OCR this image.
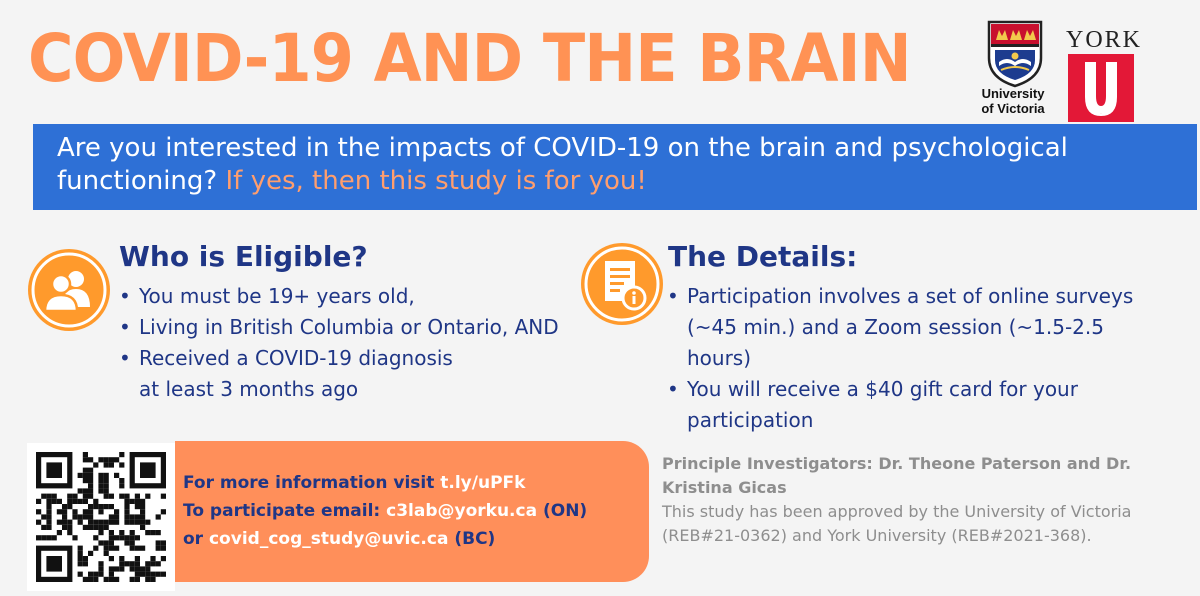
COVID-19 AND THE BRAIN	University
of Victoria
YORK
U

Are you interested in the impacts of COVID-19 on the brain and psychological functioning? If yes, then this study is for you!

Who is Eligible?
• You must be 19+ years old,
• Living in British Columbia or Ontario, AND
• Received a COVID-19 diagnosis at least 3 months ago
The Details:
• Participation involves a set of online surveys (~45 min.) and a Zoom session (~1.5-2.5 hours)
• You will receive a $40 gift card for your participation

For more information visit t.ly/uPFk
To participate email: c3lab@yorku.ca (ON)
or covid_cog_study@uvic.ca (BC)

Principle Investigators: Dr. Theone Paterson and Dr. Kristina Gicas

This study has been approved by the University of Victoria (REB#21-0362) and York University (REB#2021-368).
